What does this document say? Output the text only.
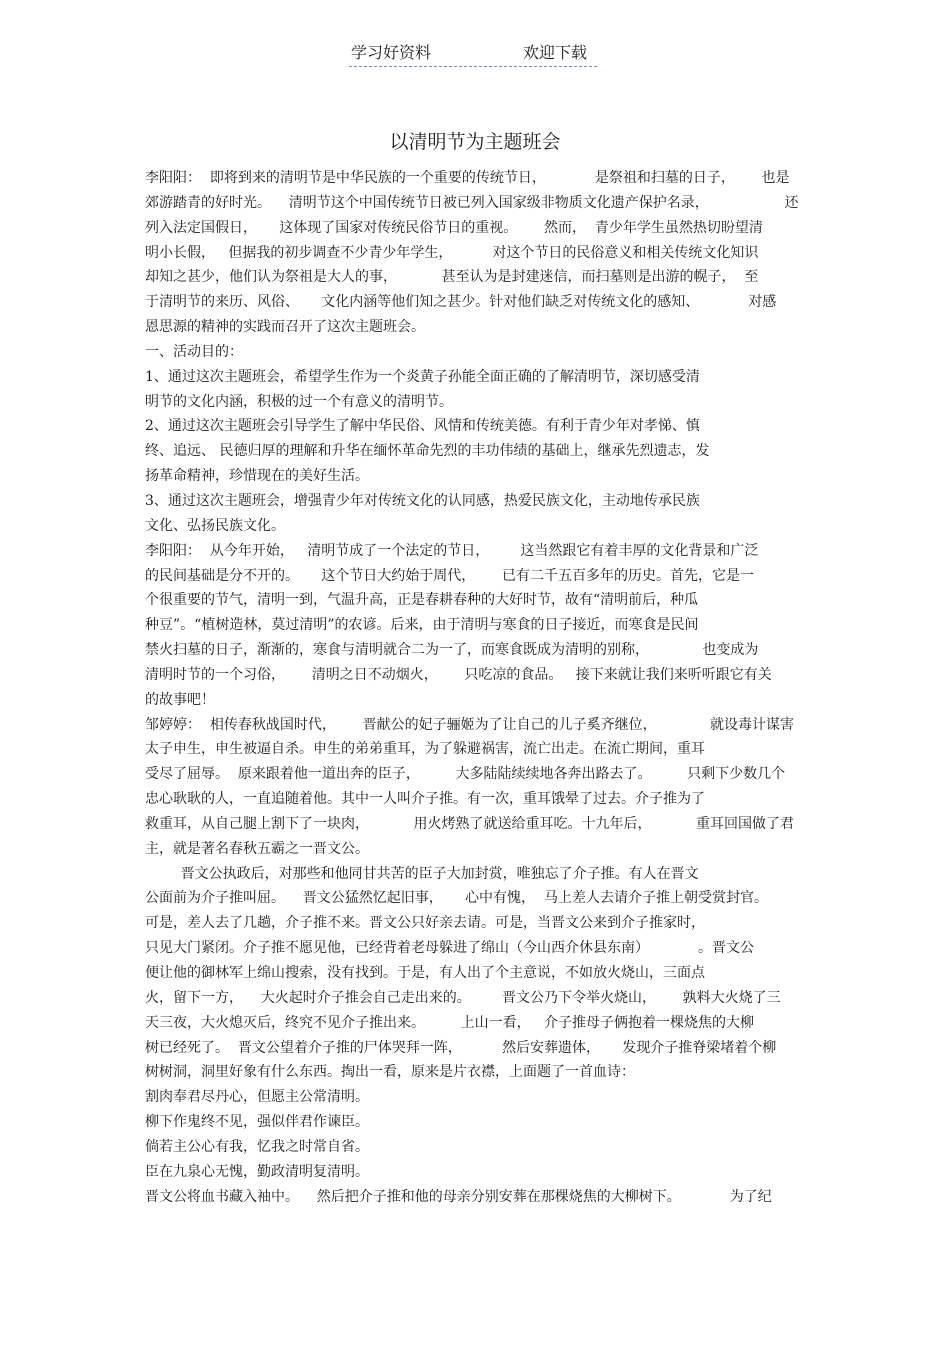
学习好资料	欢迎下载
以清明节为主题班会
李阳阳：  即将到来的清明节是中华民族的一个重要的传统节日，           是祭祖和扫墓的日子，      也是
郊游踏青的好时光。    清明节这个中国传统节日被已列入国家级非物质文化遗产保护名录，                 还
列入法定国假日，     这体现了国家对传统民俗节日的重视。      然而，  青少年学生虽然热切盼望清
明小长假，   但据我的初步调查不少青少年学生，         对这个节日的民俗意义和相关传统文化知识
却知之甚少，他们认为祭祖是大人的事，          甚至认为是封建迷信，而扫墓则是出游的幌子，  至
于清明节的来历、风俗、     文化内涵等他们知之甚少。针对他们缺乏对传统文化的感知、           对感
恩思源的精神的实践而召开了这次主题班会。
一、活动目的：
1、通过这次主题班会，希望学生作为一个炎黄子孙能全面正确的了解清明节，深切感受清
明节的文化内涵，积极的过一个有意义的清明节。
2、通过这次主题班会引导学生了解中华民俗、风情和传统美德。有利于青少年对孝悌、慎
终、追远、 民德归厚的理解和升华在缅怀革命先烈的丰功伟绩的基础上，继承先烈遗志，发
扬革命精神，珍惜现在的美好生活。
3、通过这次主题班会，增强青少年对传统文化的认同感，热爱民族文化，主动地传承民族
文化、弘扬民族文化。
李阳阳：  从今年开始，   清明节成了一个法定的节日，       这当然跟它有着丰厚的文化背景和广泛
的民间基础是分不开的。     这个节日大约始于周代，      已有二千五百多年的历史。首先，它是一
个很重要的节气，清明一到，气温升高，正是春耕春种的大好时节，故有“清明前后，种瓜
种豆”。“植树造林，莫过清明”的农谚。后来，由于清明与寒食的日子接近，而寒食是民间
禁火扫墓的日子，渐渐的，寒食与清明就合二为一了，而寒食既成为清明的别称，            也变成为
清明时节的一个习俗，      清明之日不动烟火，      只吃凉的食品。   接下来就让我们来听听跟它有关
的故事吧！
邹婷婷：  相传春秋战国时代，      晋献公的妃子骊姬为了让自己的儿子奚齐继位，            就设毒计谋害
太子申生，申生被逼自杀。申生的弟弟重耳，为了躲避祸害，流亡出走。在流亡期间，重耳
受尽了屈辱。  原来跟着他一道出奔的臣子，        大多陆陆续续地各奔出路去了。        只剩下少数几个
忠心耿耿的人，一直追随着他。其中一人叫介子推。有一次，重耳饿晕了过去。介子推为了
救重耳，从自己腿上割下了一块肉，          用火烤熟了就送给重耳吃。十九年后，          重耳回国做了君
主，就是著名春秋五霸之一晋文公。
晋文公执政后，对那些和他同甘共苦的臣子大加封赏，唯独忘了介子推。有人在晋文
公面前为介子推叫屈。    晋文公猛然忆起旧事，     心中有愧，  马上差人去请介子推上朝受赏封官。
可是，差人去了几趟，介子推不来。晋文公只好亲去请。可是，当晋文公来到介子推家时，
只见大门紧闭。介子推不愿见他，已经背着老母躲进了绵山（今山西介休县东南）           。晋文公
便让他的御林军上绵山搜索，没有找到。于是，有人出了个主意说，不如放火烧山，三面点
火，留下一方，    大火起时介子推会自己走出来的。       晋文公乃下令举火烧山，      孰料大火烧了三
天三夜，大火熄灭后，终究不见介子推出来。        上山一看，   介子推母子俩抱着一棵烧焦的大柳
树已经死了。  晋文公望着介子推的尸体哭拜一阵，         然后安葬遗体，     发现介子推脊梁堵着个柳
树树洞，洞里好象有什么东西。掏出一看，原来是片衣襟，上面题了一首血诗：
割肉奉君尽丹心，但愿主公常清明。
柳下作鬼终不见，强似伴君作谏臣。
倘若主公心有我，忆我之时常自省。
臣在九泉心无愧，勤政清明复清明。
晋文公将血书藏入袖中。    然后把介子推和他的母亲分别安葬在那棵烧焦的大柳树下。           为了纪
